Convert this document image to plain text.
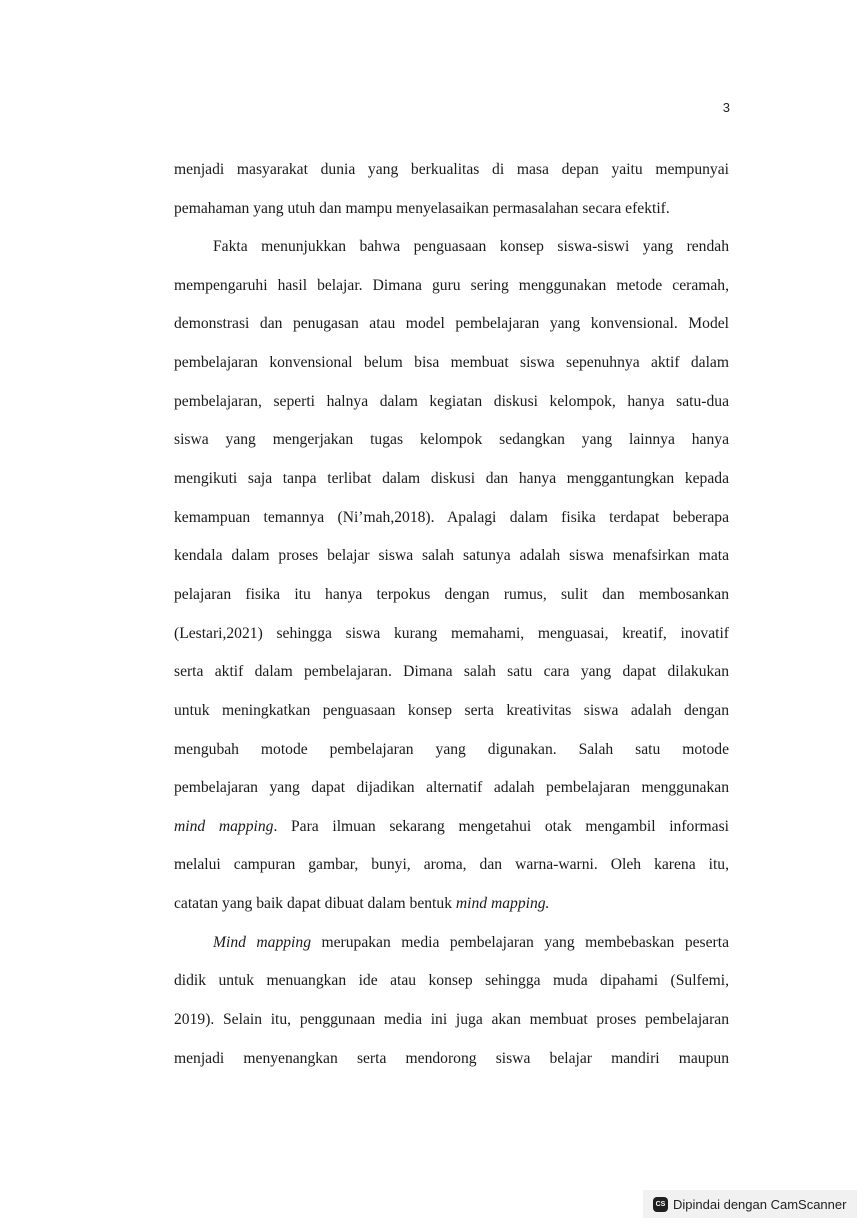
3
menjadi masyarakat dunia yang berkualitas di masa depan yaitu mempunyai
pemahaman yang utuh dan mampu menyelasaikan permasalahan secara efektif.
Fakta menunjukkan bahwa penguasaan konsep siswa-siswi yang rendah
mempengaruhi hasil belajar. Dimana guru sering menggunakan metode ceramah,
demonstrasi dan penugasan atau model pembelajaran yang konvensional. Model
pembelajaran konvensional belum bisa membuat siswa sepenuhnya aktif dalam
pembelajaran, seperti halnya dalam kegiatan diskusi kelompok, hanya satu-dua
siswa yang mengerjakan tugas kelompok sedangkan yang lainnya hanya
mengikuti saja tanpa terlibat dalam diskusi dan hanya menggantungkan kepada
kemampuan temannya (Ni’mah,2018). Apalagi dalam fisika terdapat beberapa
kendala dalam proses belajar siswa salah satunya adalah siswa menafsirkan mata
pelajaran fisika itu hanya terpokus dengan rumus, sulit dan membosankan
(Lestari,2021) sehingga siswa kurang memahami, menguasai, kreatif, inovatif
serta aktif dalam pembelajaran. Dimana salah satu cara yang dapat dilakukan
untuk meningkatkan penguasaan konsep serta kreativitas siswa adalah dengan
mengubah motode pembelajaran yang digunakan. Salah satu motode
pembelajaran yang dapat dijadikan alternatif adalah pembelajaran menggunakan
mind mapping. Para ilmuan sekarang mengetahui otak mengambil informasi
melalui campuran gambar, bunyi, aroma, dan warna-warni. Oleh karena itu,
catatan yang baik dapat dibuat dalam bentuk mind mapping.
Mind mapping merupakan media pembelajaran yang membebaskan peserta
didik untuk menuangkan ide atau konsep sehingga muda dipahami (Sulfemi,
2019). Selain itu, penggunaan media ini juga akan membuat proses pembelajaran
menjadi menyenangkan serta mendorong siswa belajar mandiri maupun
CS Dipindai dengan CamScanner
